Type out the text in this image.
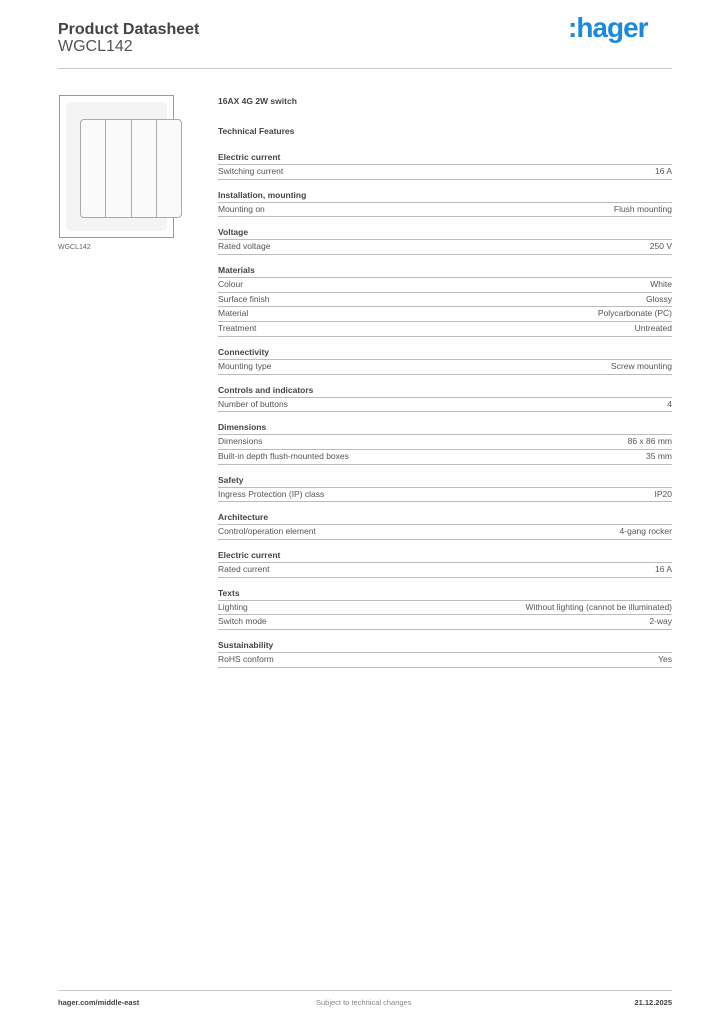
Product Datasheet
WGCL142
:hager
WGCL142
16AX 4G 2W switch
Technical Features
Electric current
Switching current	16 A
Installation, mounting
Mounting on	Flush mounting
Voltage
Rated voltage	250 V
Materials
Colour	White
Surface finish	Glossy
Material	Polycarbonate (PC)
Treatment	Untreated
Connectivity
Mounting type	Screw mounting
Controls and indicators
Number of buttons	4
Dimensions
Dimensions	86 x 86 mm
Built-in depth flush-mounted boxes	35 mm
Safety
Ingress Protection (IP) class	IP20
Architecture
Control/operation element	4-gang rocker
Electric current
Rated current	16 A
Texts
Lighting	Without lighting (cannot be illuminated)
Switch mode	2-way
Sustainability
RoHS conform	Yes
hager.com/middle-east	Subject to technical changes	21.12.2025
